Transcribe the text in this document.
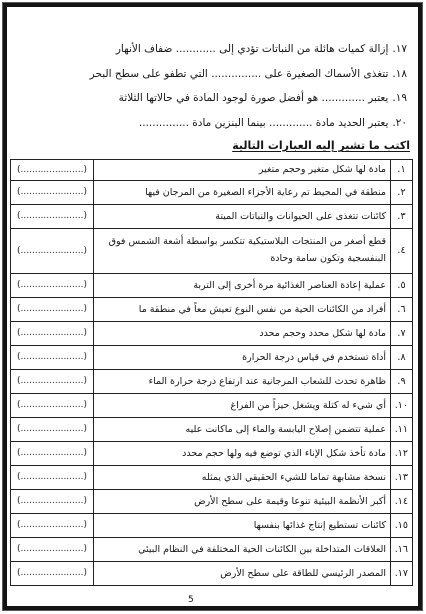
١٧.إزالة كميات هائلة من النباتات تؤدي إلى ............ ضفاف الأنهار
١٨.تتغذى الأسماك الصغيرة على ............... التي تطفو على سطح البحر
١٩.يعتبر ............. هو أفضل صورة لوجود المادة في حالاتها الثلاثة
٢٠.يعتبر الحديد مادة ............. بينما البنزين مادة ...............
اكتب ما تشير إليه العبارات التالية
١.	مادة لها شكل متغير وحجم متغير	(......................)
٢.	منطقة في المحيط تم رعاية الأجزاء الصغيرة من المرجان فيها	(......................)
٣.	كائنات تتغذى على الحيوانات والنباتات الميتة	(......................)
٤.	قطع أصغر من المنتجات البلاستيكية تتكسر بواسطة أشعة الشمس فوق البنفسجية وتكون سامة وحادة	(......................)
٥.	عملية إعادة العناصر الغذائية مرة أخرى إلى التربة	(......................)
٦.	أفراد من الكائنات الحية من نفس النوع تعيش معاً في منطقة ما	(......................)
٧.	مادة لها شكل محدد وحجم محدد	(......................)
٨.	أداة تستخدم في قياس درجة الحرارة	(......................)
٩.	ظاهرة تحدث للشعاب المرجانية عند ارتفاع درجة حرارة الماء	(......................)
١٠.	أي شيء له كتلة ويشغل حيزاً من الفراغ	(......................)
١١.	عملية تتضمن إصلاح اليابسة والماء إلى ماكانت عليه	(......................)
١٢.	مادة تأخذ شكل الإناء الذي توضع فيه ولها حجم محدد	(......................)
١٣.	نسخة مشابهة تماما للشيء الحقيقي الذي يمثله	(......................)
١٤.	أكبر الأنظمة البيئية تنوعا وقيمة على سطح الأرض	(......................)
١٥.	كائنات تستطيع إنتاج غذائها بنفسها	(......................)
١٦.	العلاقات المتداخلة بين الكائنات الحية المختلفة في النظام البيئي	(......................)
١٧.	المصدر الرئيسي للطاقة على سطح الأرض	(......................)
5
